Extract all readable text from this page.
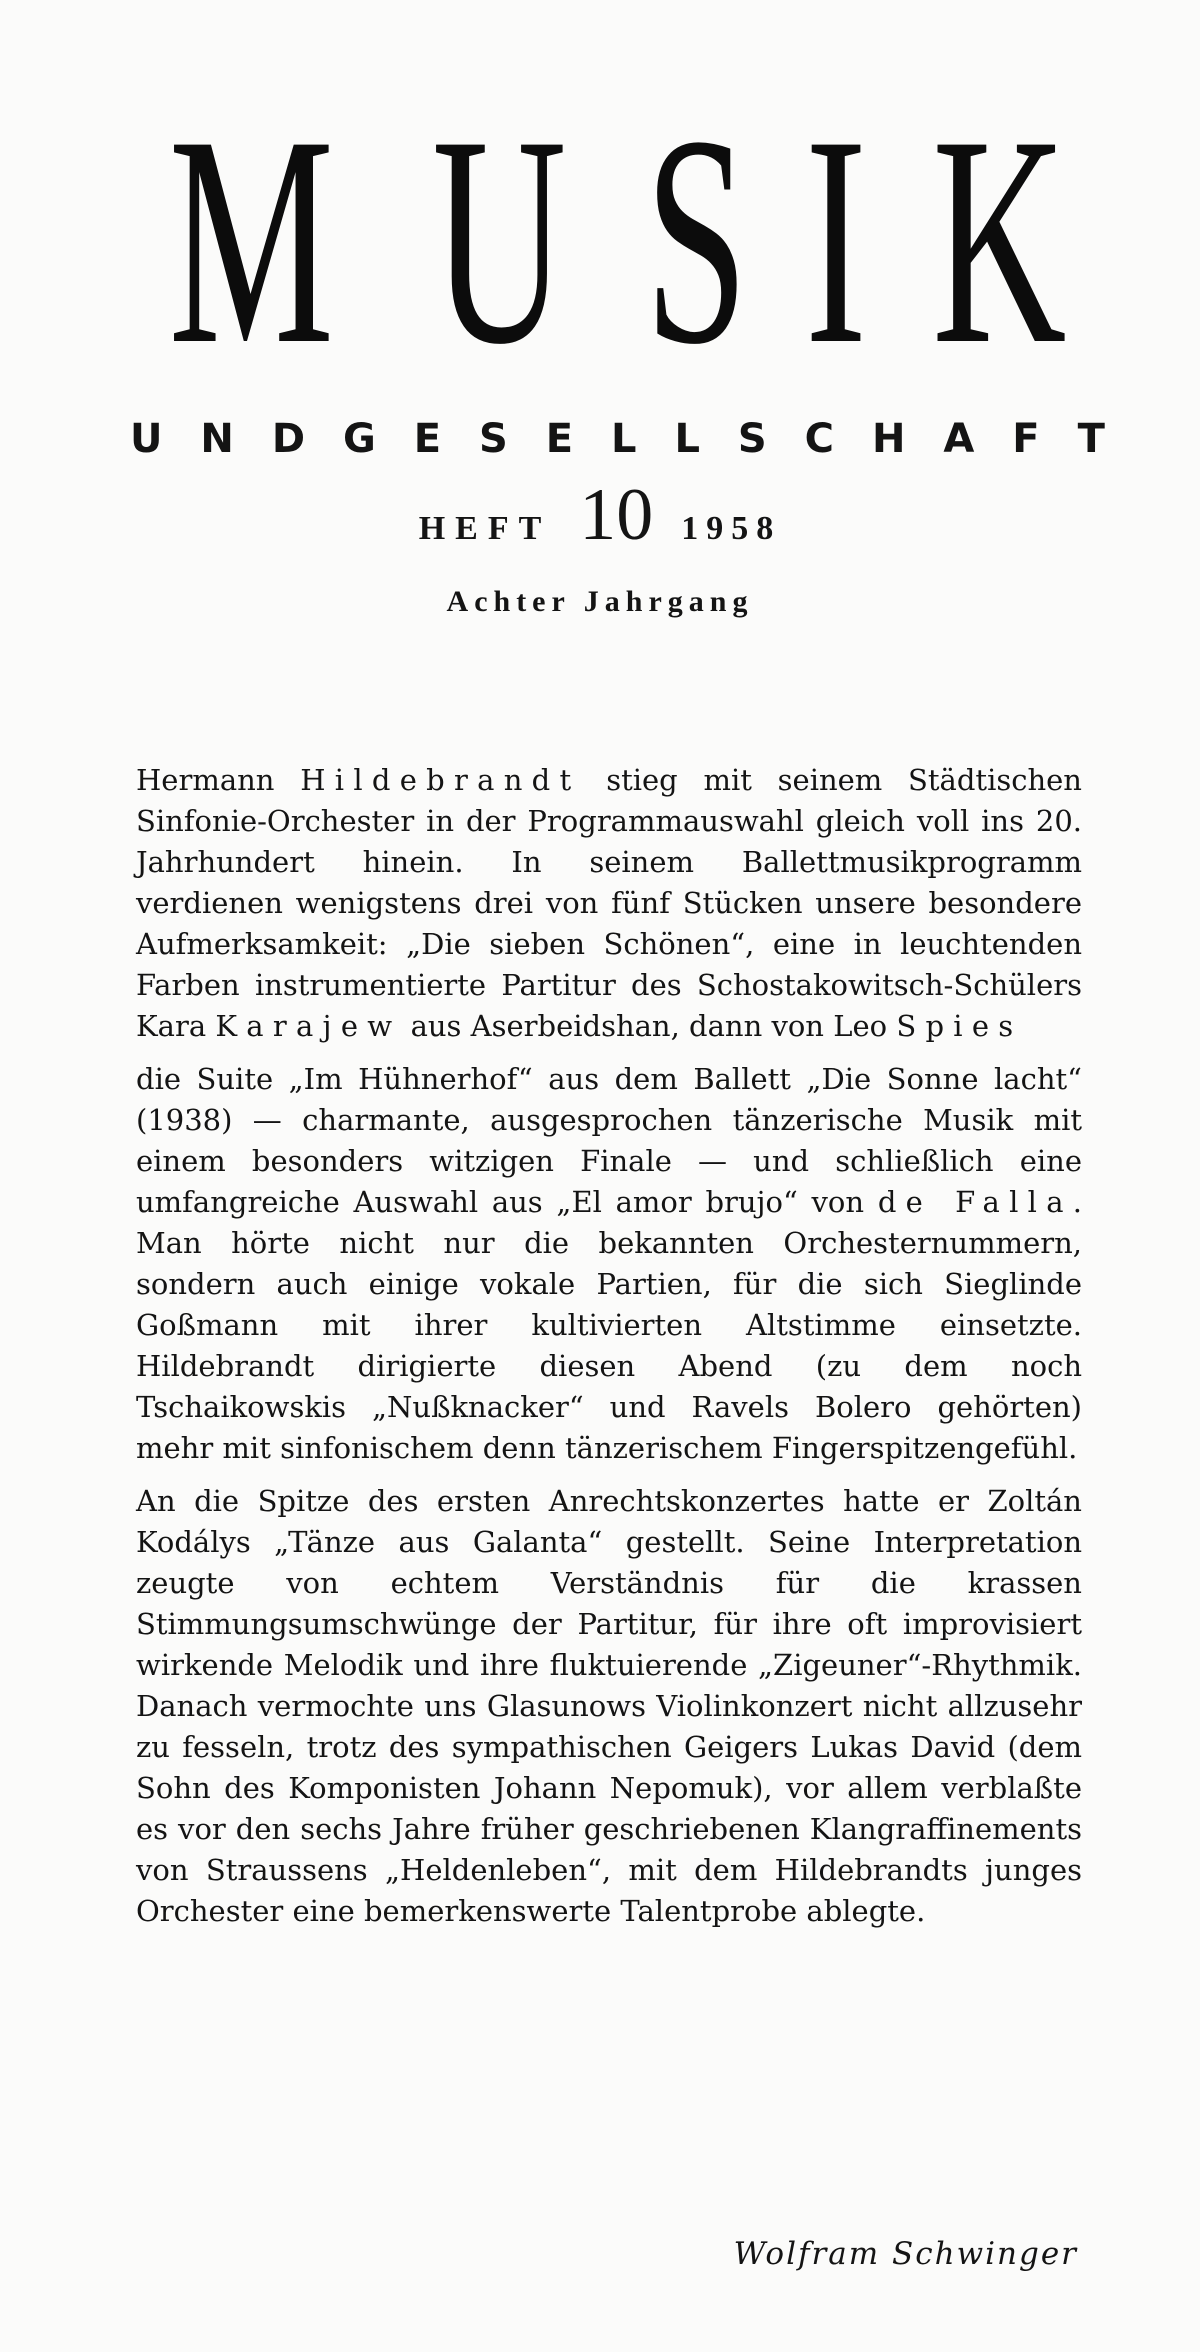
M U S I K
U N D G E S E L L S C H A F T
HEFT 10 1958
Achter Jahrgang

Hermann Hildebrandt stieg mit seinem Städtischen Sinfonie-Orchester in der Programmauswahl gleich voll ins 20. Jahrhundert hinein. In seinem Ballettmusikprogramm verdienen wenigstens drei von fünf Stücken unsere besondere Aufmerksamkeit: „Die sieben Schönen“, eine in leuchtenden Farben instrumentierte Partitur des Schostakowitsch-Schülers Kara Karajew aus Aserbeidshan, dann von Leo Spies

die Suite „Im Hühnerhof“ aus dem Ballett „Die Sonne lacht“ (1938) — charmante, ausgesprochen tänzerische Musik mit einem besonders witzigen Finale — und schließlich eine umfangreiche Auswahl aus „El amor brujo“ von de Falla. Man hörte nicht nur die bekannten Orchesternummern, sondern auch einige vokale Partien, für die sich Sieglinde Goßmann mit ihrer kultivierten Altstimme einsetzte. Hildebrandt dirigierte diesen Abend (zu dem noch Tschaikowskis „Nußknacker“ und Ravels Bolero gehörten) mehr mit sinfonischem denn tänzerischem Fingerspitzengefühl.

An die Spitze des ersten Anrechtskonzertes hatte er Zoltán Kodálys „Tänze aus Galanta“ gestellt. Seine Interpretation zeugte von echtem Verständnis für die krassen Stimmungsumschwünge der Partitur, für ihre oft improvisiert wirkende Melodik und ihre fluktuierende „Zigeuner“-Rhythmik. Danach vermochte uns Glasunows Violinkonzert nicht allzusehr zu fesseln, trotz des sympathischen Geigers Lukas David (dem Sohn des Komponisten Johann Nepomuk), vor allem verblaßte es vor den sechs Jahre früher geschriebenen Klangraffinements von Straussens „Heldenleben“, mit dem Hildebrandts junges Orchester eine bemerkenswerte Talentprobe ablegte.

Wolfram Schwinger
